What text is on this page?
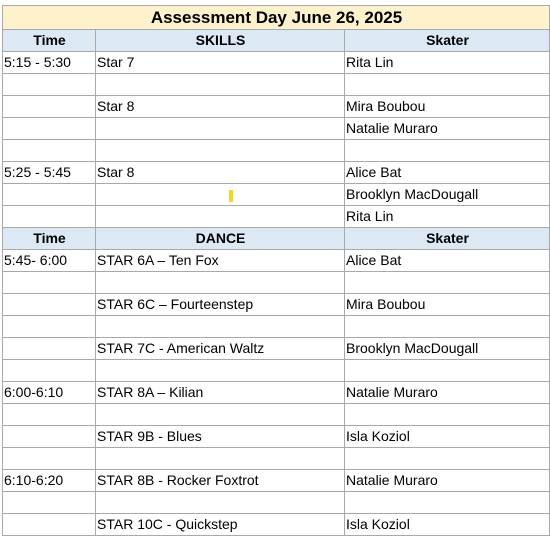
Assessment Day June 26, 2025		
Time	SKILLS	Skater
5:15 - 5:30	Star 7	Rita Lin

	Star 8	Mira Boubou
		Natalie Muraro

5:25 - 5:45	Star 8	Alice Bat
		Brooklyn MacDougall
		Rita Lin
Time	DANCE	Skater
5:45- 6:00	STAR 6A – Ten Fox	Alice Bat

	STAR 6C – Fourteenstep	Mira Boubou

	STAR 7C - American Waltz	Brooklyn MacDougall

6:00-6:10	STAR 8A – Kilian	Natalie Muraro

	STAR 9B - Blues	Isla Koziol

6:10-6:20	STAR 8B - Rocker Foxtrot	Natalie Muraro

	STAR 10C - Quickstep	Isla Koziol
